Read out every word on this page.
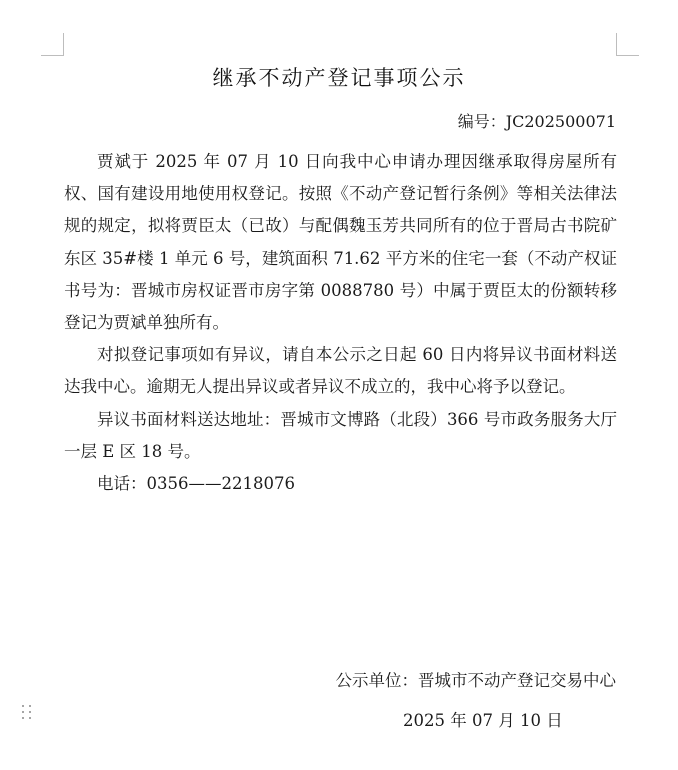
继承不动产登记事项公示
编号：JC202500071

贾斌于 2025 年 07 月 10 日向我中心申请办理因继承取得房屋所有权、国有建设用地使用权登记。按照《不动产登记暂行条例》等相关法律法规的规定，拟将贾臣太（已故）与配偶魏玉芳共同所有的位于晋局古书院矿东区 35#楼 1 单元 6 号，建筑面积 71.62 平方米的住宅一套（不动产权证书号为：晋城市房权证晋市房字第 0088780 号）中属于贾臣太的份额转移登记为贾斌单独所有。

对拟登记事项如有异议，请自本公示之日起 60 日内将异议书面材料送达我中心。逾期无人提出异议或者异议不成立的，我中心将予以登记。

异议书面材料送达地址：晋城市文博路（北段）366 号市政务服务大厅一层 E 区 18 号。

电话：0356——2218076

公示单位：晋城市不动产登记交易中心
2025 年 07 月 10 日
